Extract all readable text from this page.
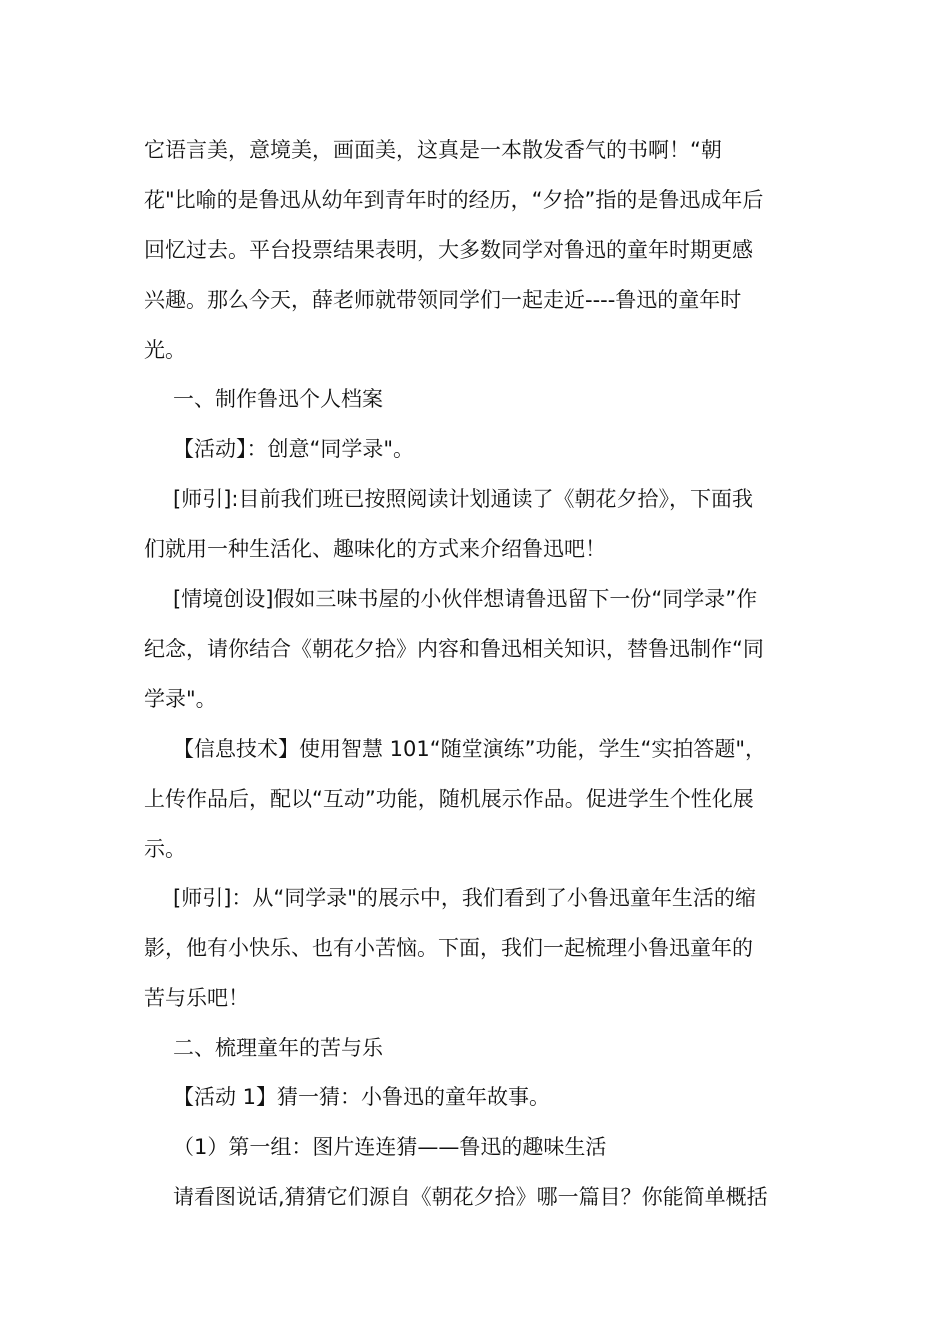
它语言美，意境美，画面美，这真是一本散发香气的书啊！“朝
花"比喻的是鲁迅从幼年到青年时的经历，“夕拾”指的是鲁迅成年后
回忆过去。平台投票结果表明，大多数同学对鲁迅的童年时期更感
兴趣。那么今天，薛老师就带领同学们一起走近----鲁迅的童年时
光。
一、制作鲁迅个人档案
【活动】：创意“同学录"。
[师引]:目前我们班已按照阅读计划通读了《朝花夕拾》，下面我
们就用一种生活化、趣味化的方式来介绍鲁迅吧！
[情境创设]假如三味书屋的小伙伴想请鲁迅留下一份“同学录”作
纪念，请你结合《朝花夕拾》内容和鲁迅相关知识，替鲁迅制作“同
学录"。
【信息技术】使用智慧 101“随堂演练”功能，学生“实拍答题"，
上传作品后，配以“互动”功能，随机展示作品。促进学生个性化展
示。
[师引]：从“同学录"的展示中，我们看到了小鲁迅童年生活的缩
影，他有小快乐、也有小苦恼。下面，我们一起梳理小鲁迅童年的
苦与乐吧！
二、梳理童年的苦与乐
【活动 1】猜一猜：小鲁迅的童年故事。
（1）第一组：图片连连猜——鲁迅的趣味生活
请看图说话,猜猜它们源自《朝花夕拾》哪一篇目？你能简单概括
